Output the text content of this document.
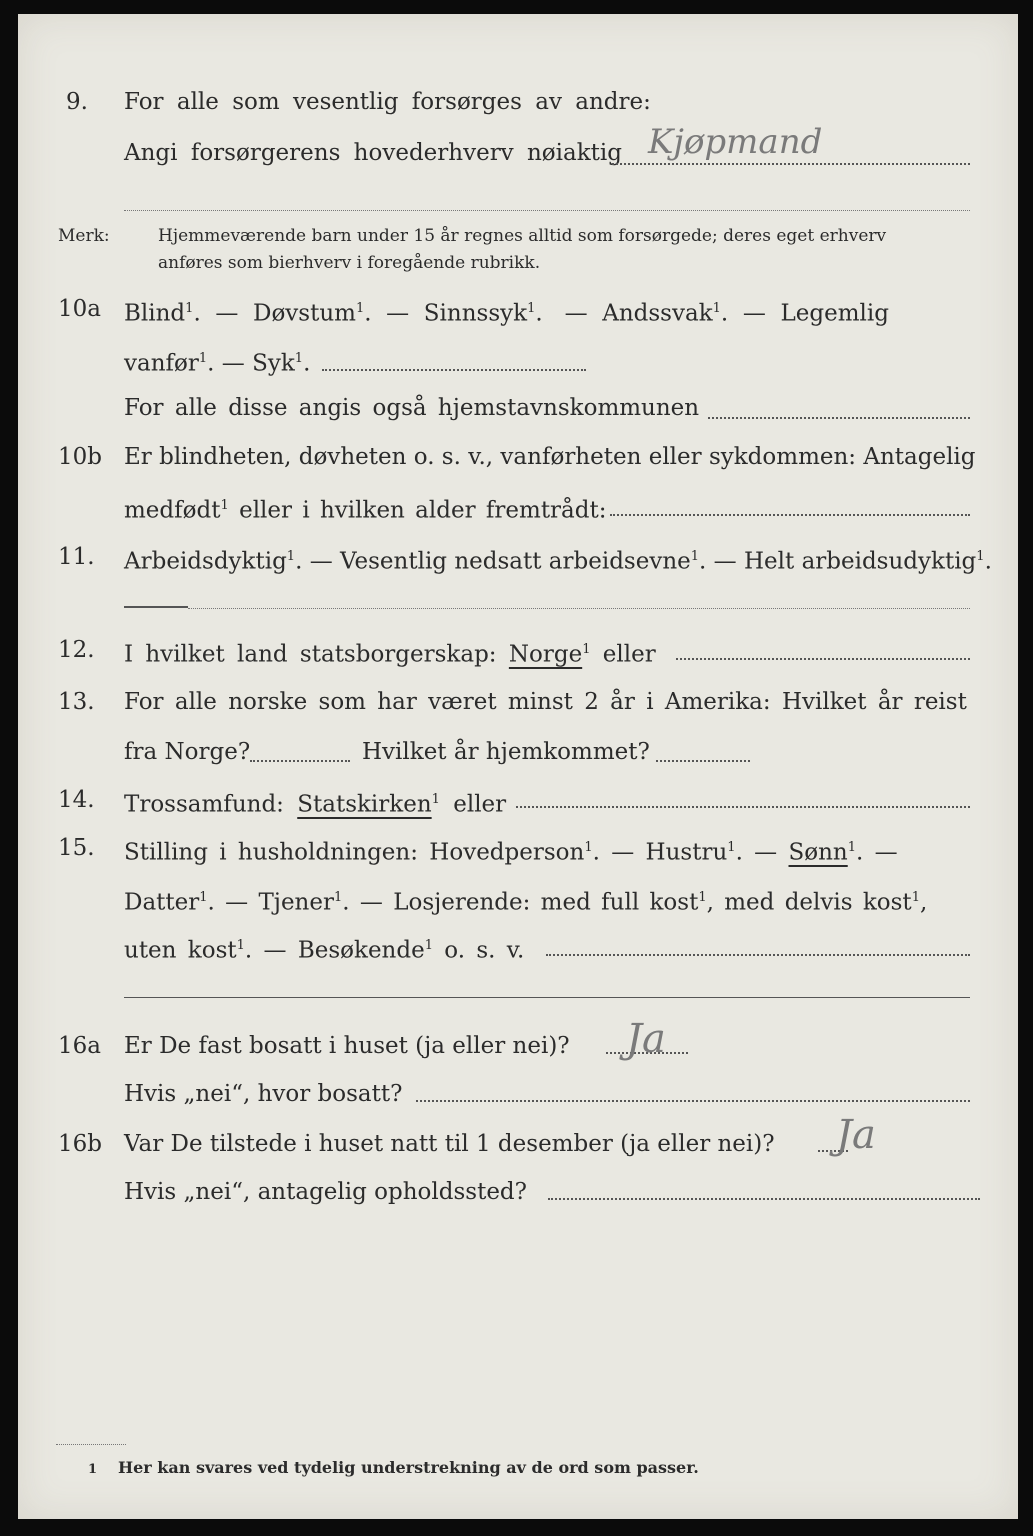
9. For alle som vesentlig forsørges av andre:
Angi forsørgerens hovederhverv nøiaktig Kjøpmand
Merk:	Hjemmeværende barn under 15 år regnes alltid som forsørgede; deres eget erhverv
anføres som bierhverv i foregående rubrikk.
10a Blind$^1$.  —  Døvstum$^1$.  —  Sinnssyk$^1$.   —  Andssvak$^1$.  —  Legemlig
vanfør$^1$. — Syk$^1$.
For alle disse angis også hjemstavnskommunen
10b Er blindheten, døvheten o. s. v., vanførheten eller sykdommen: Antagelig
medfødt$^1$ eller i hvilken alder fremtrådt:
11. Arbeidsdyktig$^1$. — Vesentlig nedsatt arbeidsevne$^1$. — Helt arbeidsudyktig$^1$.
12. I hvilket land statsborgerskap: Norge$^1$ eller
13. For alle norske som har været minst 2 år i Amerika: Hvilket år reist
fra Norge?	Hvilket år hjemkommet?
14. Trossamfund: Statskirken$^1$ eller
15. Stilling i husholdningen: Hovedperson$^1$. — Hustru$^1$. — Sønn$^1$. —
Datter$^1$. — Tjener$^1$. — Losjerende: med full kost$^1$, med delvis kost$^1$,
uten kost$^1$. — Besøkende$^1$ o. s. v.
16a Er De fast bosatt i huset (ja eller nei)? Ja
Hvis „nei“, hvor bosatt?
16b Var De tilstede i huset natt til 1 desember (ja eller nei)? Ja
Hvis „nei“, antagelig opholdssted?
1 Her kan svares ved tydelig understrekning av de ord som passer.
